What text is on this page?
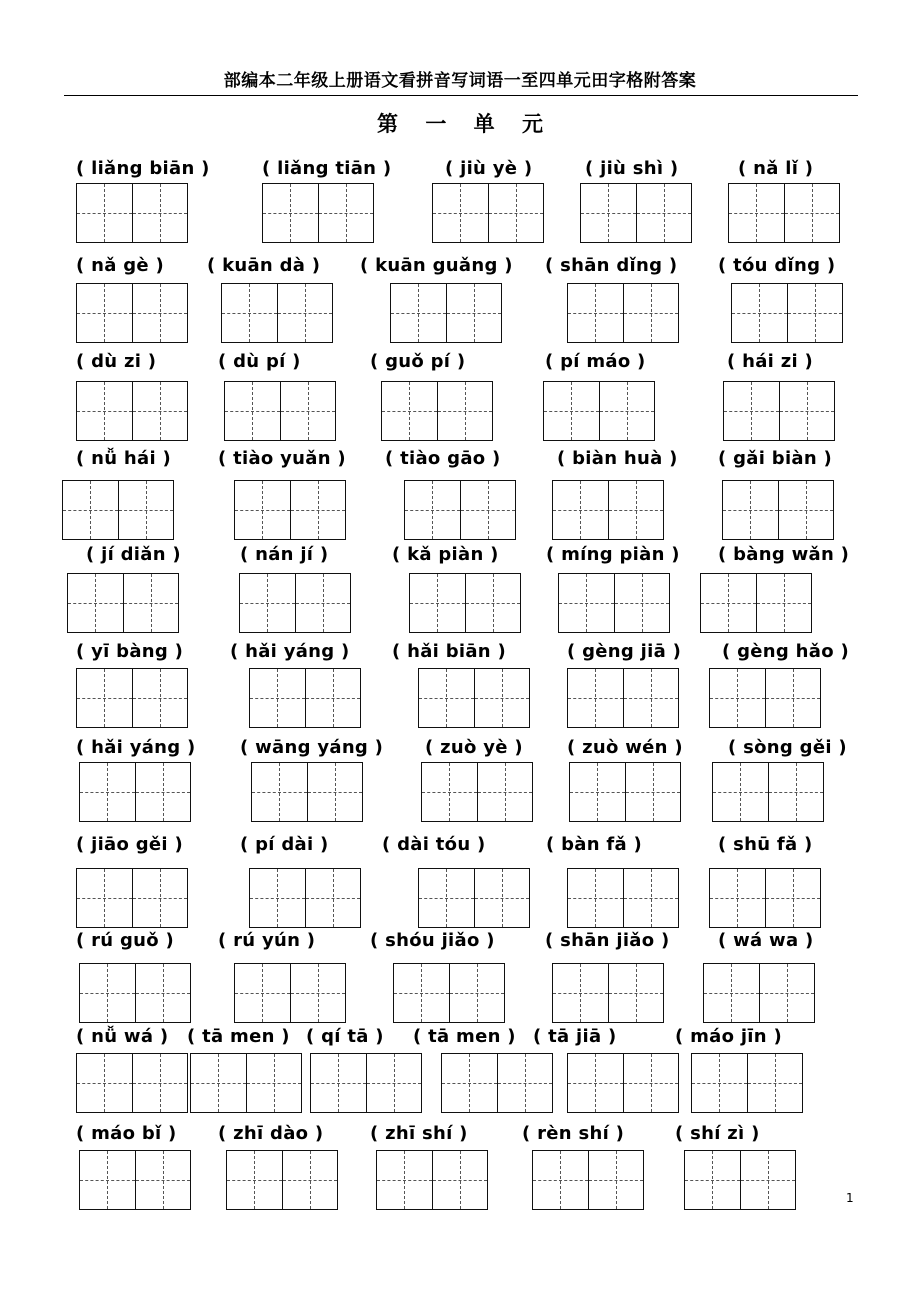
部编本二年级上册语文看拼音写词语一至四单元田字格附答案
第 一 单 元
( liǎng biān )	( liǎng tiān )	( jiù yè )	( jiù shì )	( nǎ lǐ )
( nǎ gè ) ( kuān dà ) ( kuān guǎng ) ( shān dǐng ) ( tóu dǐng )
( dù zi )	( dù pí )	( guǒ pí )	( pí máo )	( hái zi )
( nǚ hái )	( tiào yuǎn ) ( tiào gāo )	( biàn huà ) ( gǎi biàn )
( jí diǎn )	( nán jí )	( kǎ piàn )	( míng piàn ) ( bàng wǎn )
( yī bàng )	( hǎi yáng ) ( hǎi biān )	( gèng jiā ) ( gèng hǎo )
( hǎi yáng ) ( wāng yáng ) ( zuò yè ) ( zuò wén )	( sòng gěi )
( jiāo gěi )	( pí dài )	( dài tóu )	( bàn fǎ )	( shū fǎ )
( rú guǒ ) ( rú yún )	( shóu jiǎo )	( shān jiǎo )	( wá wa )
( nǚ wá ) ( tā men ) ( qí tā ) ( tā men ) ( tā jiā )	( máo jīn )
( máo bǐ ) ( zhī dào )	( zhī shí )	( rèn shí )	( shí zì )
1
